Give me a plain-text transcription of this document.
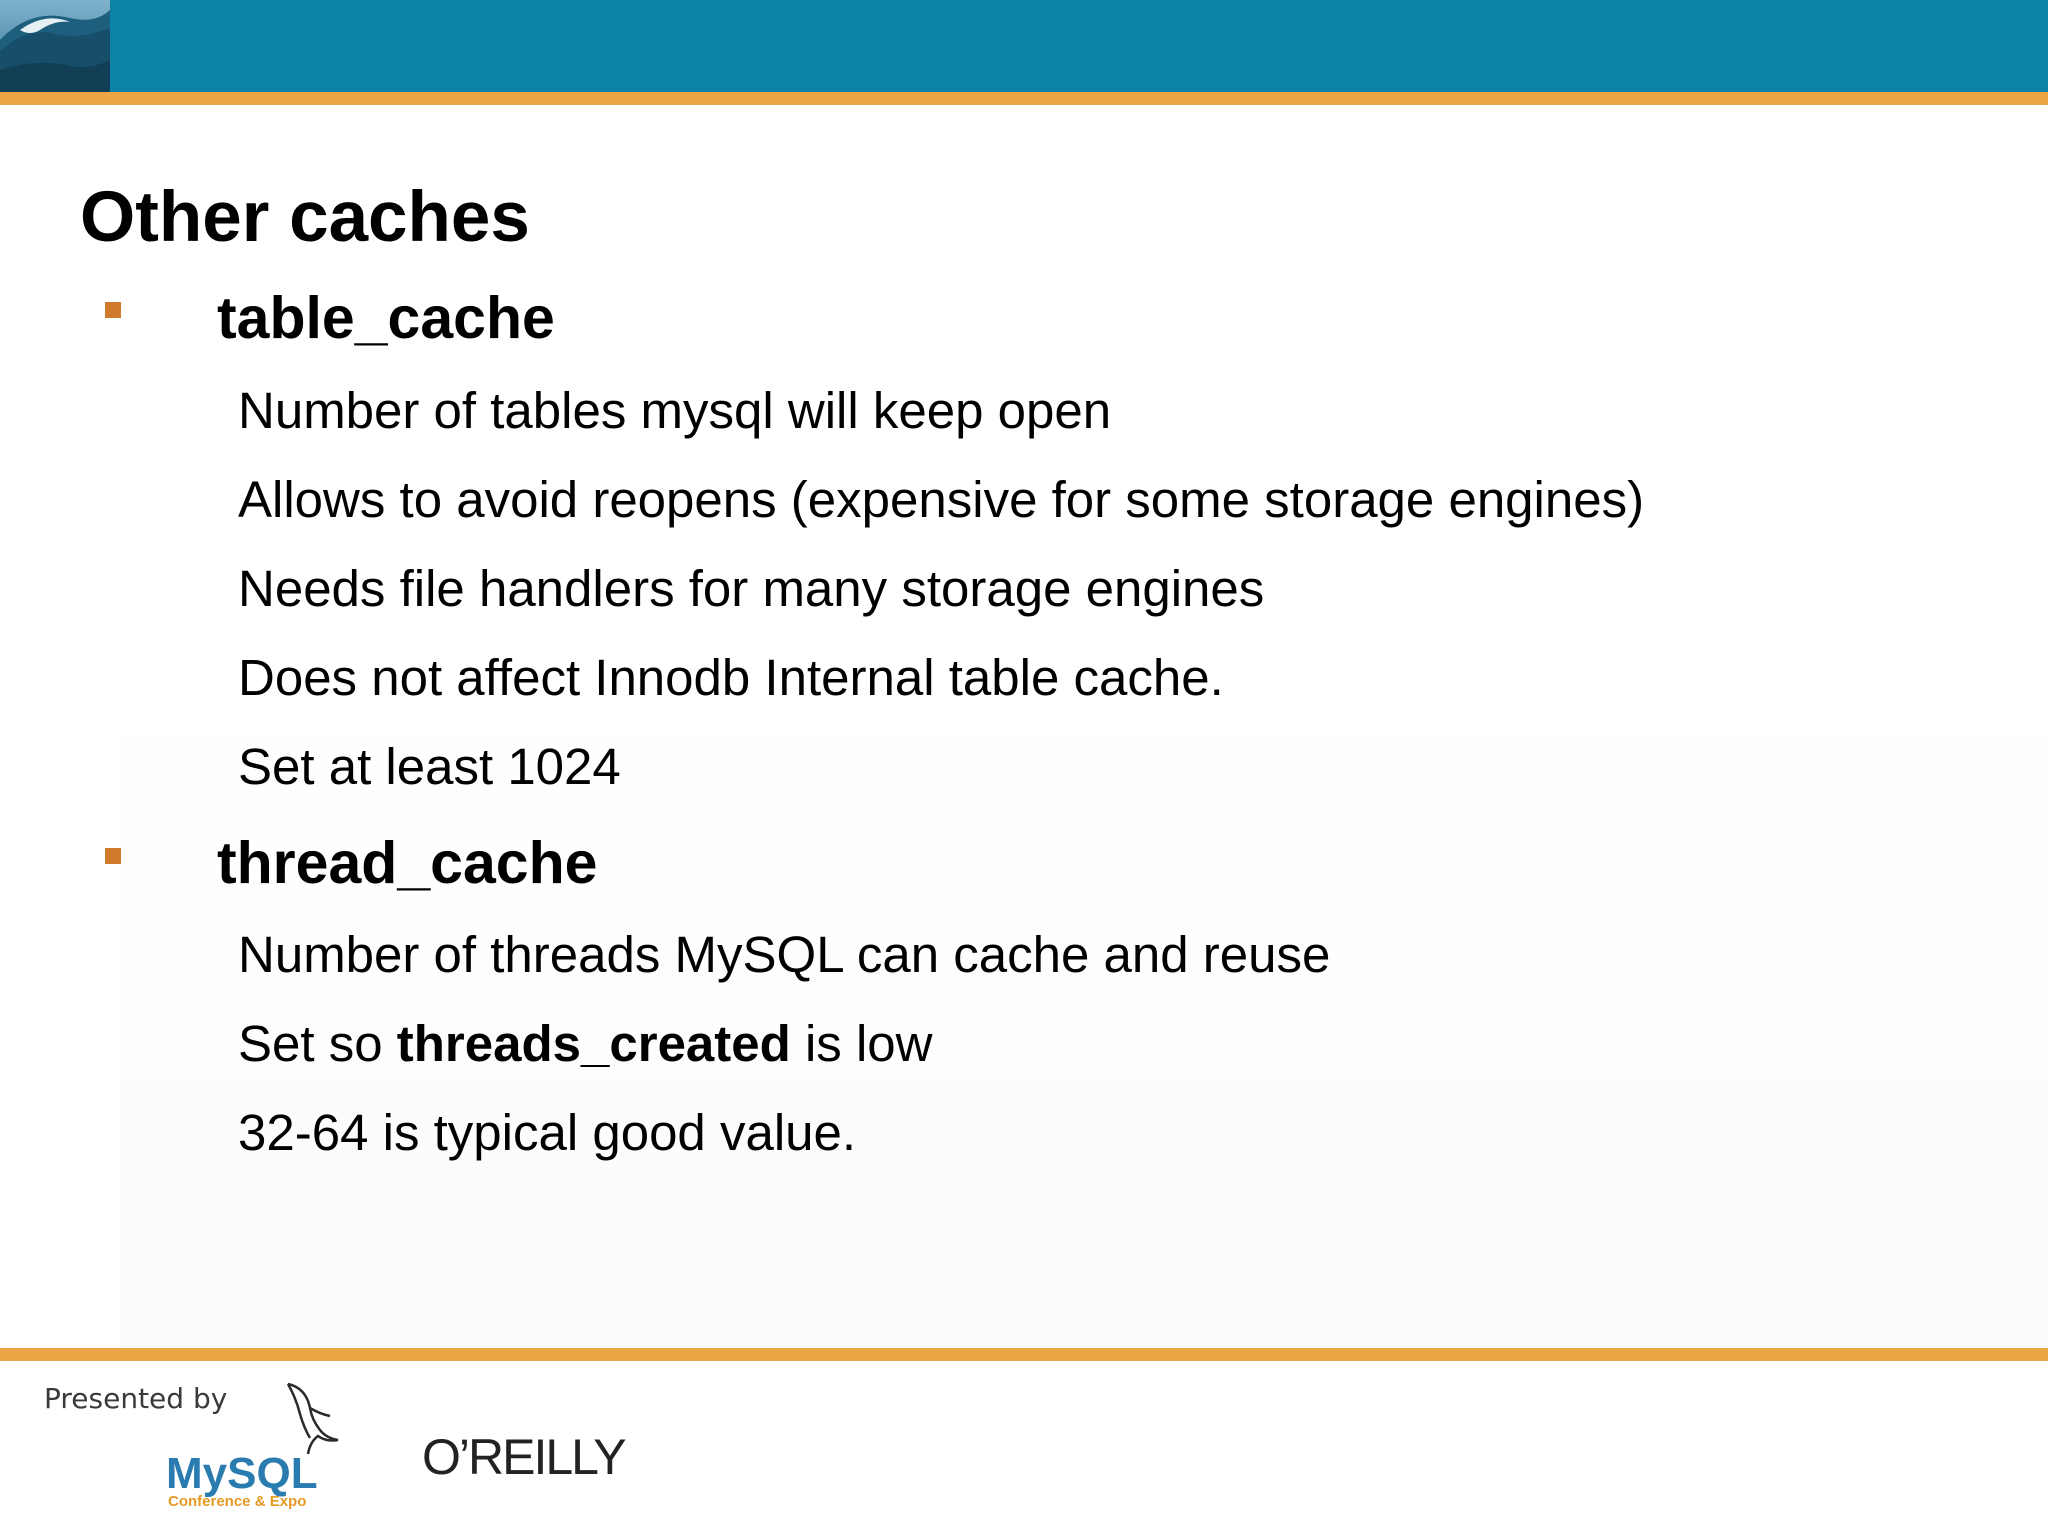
Other caches
table_cache
Number of tables mysql will keep open
Allows to avoid reopens (expensive for some storage engines)
Needs file handlers for many storage engines
Does not affect Innodb Internal table cache.
Set at least 1024
thread_cache
Number of threads MySQL can cache and reuse
Set so threads_created is low
32-64 is typical good value.
Presented by
MySQL
Conference & Expo
O’REILLY
